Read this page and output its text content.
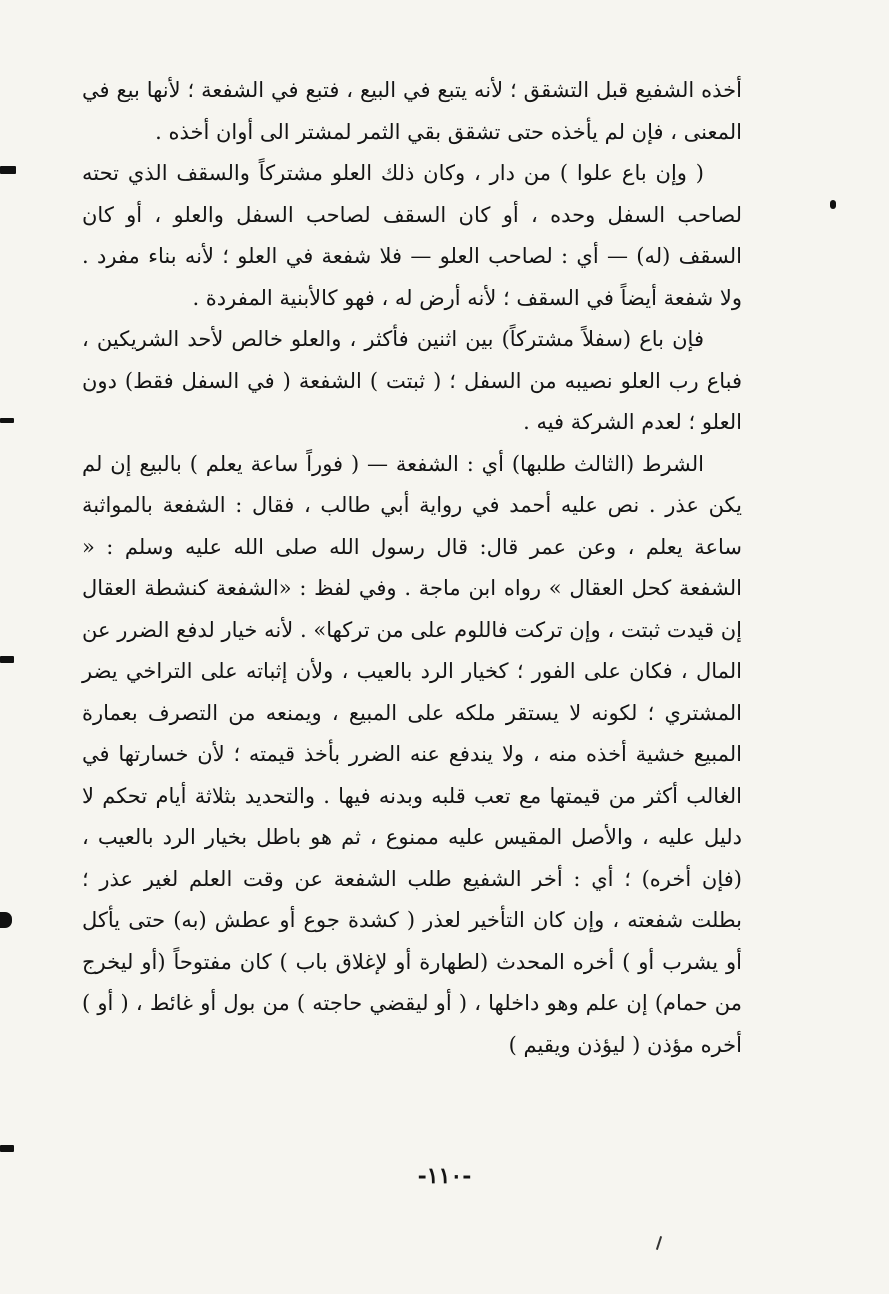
أخذه الشفيع قبل التشقق ؛ لأنه يتبع في البيع ، فتبع في الشفعة ؛ لأنها بيع في المعنى ، فإن لم يأخذه حتى تشقق بقي الثمر لمشتر الى أوان أخذه .

( وإن باع علوا ) من دار ، وكان ذلك العلو مشتركاً والسقف الذي تحته لصاحب السفل وحده ، أو كان السقف لصاحب السفل والعلو ، أو كان السقف (له) — أي : لصاحب العلو — فلا شفعة في العلو ؛ لأنه بناء مفرد . ولا شفعة أيضاً في السقف ؛ لأنه أرض له ، فهو كالأبنية المفردة .

فإن باع (سفلاً مشتركاً) بين اثنين فأكثر ، والعلو خالص لأحد الشريكين ، فباع رب العلو نصيبه من السفل ؛ ( ثبتت ) الشفعة ( في السفل فقط) دون العلو ؛ لعدم الشركة فيه .

الشرط (الثالث طلبها) أي : الشفعة — ( فوراً ساعة يعلم ) بالبيع إن لم يكن عذر . نص عليه أحمد في رواية أبي طالب ، فقال : الشفعة بالمواثبة ساعة يعلم ، وعن عمر قال: قال رسول الله صلى الله عليه وسلم : « الشفعة كحل العقال » رواه ابن ماجة . وفي لفظ : «الشفعة كنشطة العقال إن قيدت ثبتت ، وإن تركت فاللوم على من تركها» . لأنه خيار لدفع الضرر عن المال ، فكان على الفور ؛ كخيار الرد بالعيب ، ولأن إثباته على التراخي يضر المشتري ؛ لكونه لا يستقر ملكه على المبيع ، ويمنعه من التصرف بعمارة المبيع خشية أخذه منه ، ولا يندفع عنه الضرر بأخذ قيمته ؛ لأن خسارتها في الغالب أكثر من قيمتها مع تعب قلبه وبدنه فيها . والتحديد بثلاثة أيام تحكم لا دليل عليه ، والأصل المقيس عليه ممنوع ، ثم هو باطل بخيار الرد بالعيب ، (فإن أخره) ؛ أي : أخر الشفيع طلب الشفعة عن وقت العلم لغير عذر ؛ بطلت شفعته ، وإن كان التأخير لعذر ( كشدة جوع أو عطش (به) حتى يأكل أو يشرب أو ) أخره المحدث (لطهارة أو لإغلاق باب ) كان مفتوحاً (أو ليخرج من حمام) إن علم وهو داخلها ، ( أو ليقضي حاجته ) من بول أو غائط ، ( أو ) أخره مؤذن ( ليؤذن ويقيم )

-١١٠-
